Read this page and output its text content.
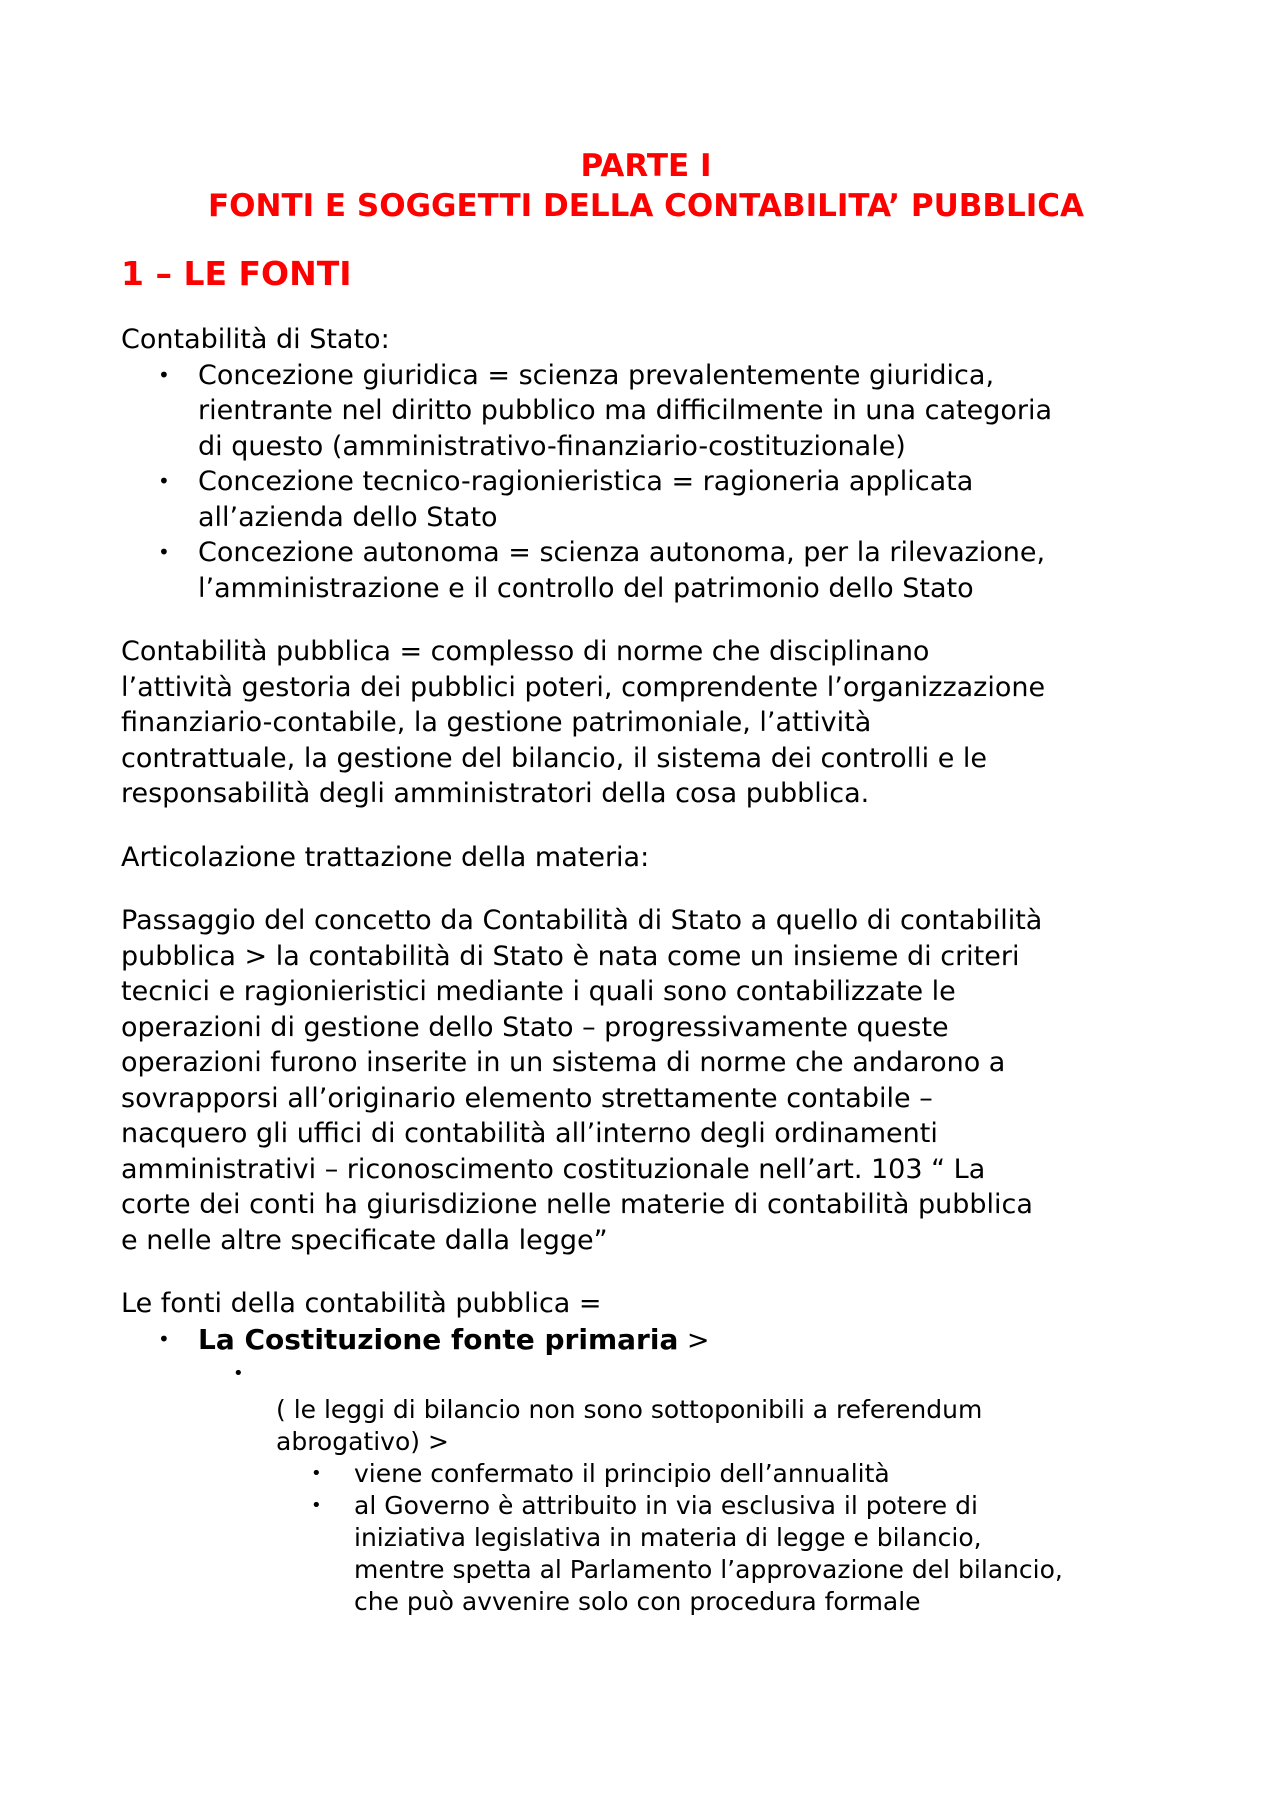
PARTE I

FONTI E SOGGETTI DELLA CONTABILITA’ PUBBLICA

1 – LE FONTI

Contabilità di Stato:

• Concezione giuridica = scienza prevalentemente giuridica,
rientrante nel diritto pubblico ma difficilmente in una categoria
di questo (amministrativo-finanziario-costituzionale)
• Concezione tecnico-ragionieristica = ragioneria applicata
all’azienda dello Stato
• Concezione autonoma = scienza autonoma, per la rilevazione,
l’amministrazione e il controllo del patrimonio dello Stato

Contabilità pubblica = complesso di norme che disciplinano
l’attività gestoria dei pubblici poteri, comprendente l’organizzazione
finanziario-contabile, la gestione patrimoniale, l’attività
contrattuale, la gestione del bilancio, il sistema dei controlli e le
responsabilità degli amministratori della cosa pubblica.

Articolazione trattazione della materia:

Passaggio del concetto da Contabilità di Stato a quello di contabilità
pubblica > la contabilità di Stato è nata come un insieme di criteri
tecnici e ragionieristici mediante i quali sono contabilizzate le
operazioni di gestione dello Stato – progressivamente queste
operazioni furono inserite in un sistema di norme che andarono a
sovrapporsi all’originario elemento strettamente contabile –
nacquero gli uffici di contabilità all’interno degli ordinamenti
amministrativi – riconoscimento costituzionale nell’art. 103 “ La
corte dei conti ha giurisdizione nelle materie di contabilità pubblica
e nelle altre specificate dalla legge”

Le fonti della contabilità pubblica =

• La Costituzione fonte primaria >
•
( le leggi di bilancio non sono sottoponibili a referendum
abrogativo) >
• viene confermato il principio dell’annualità
• al Governo è attribuito in via esclusiva il potere di
iniziativa legislativa in materia di legge e bilancio,
mentre spetta al Parlamento l’approvazione del bilancio,
che può avvenire solo con procedura formale
